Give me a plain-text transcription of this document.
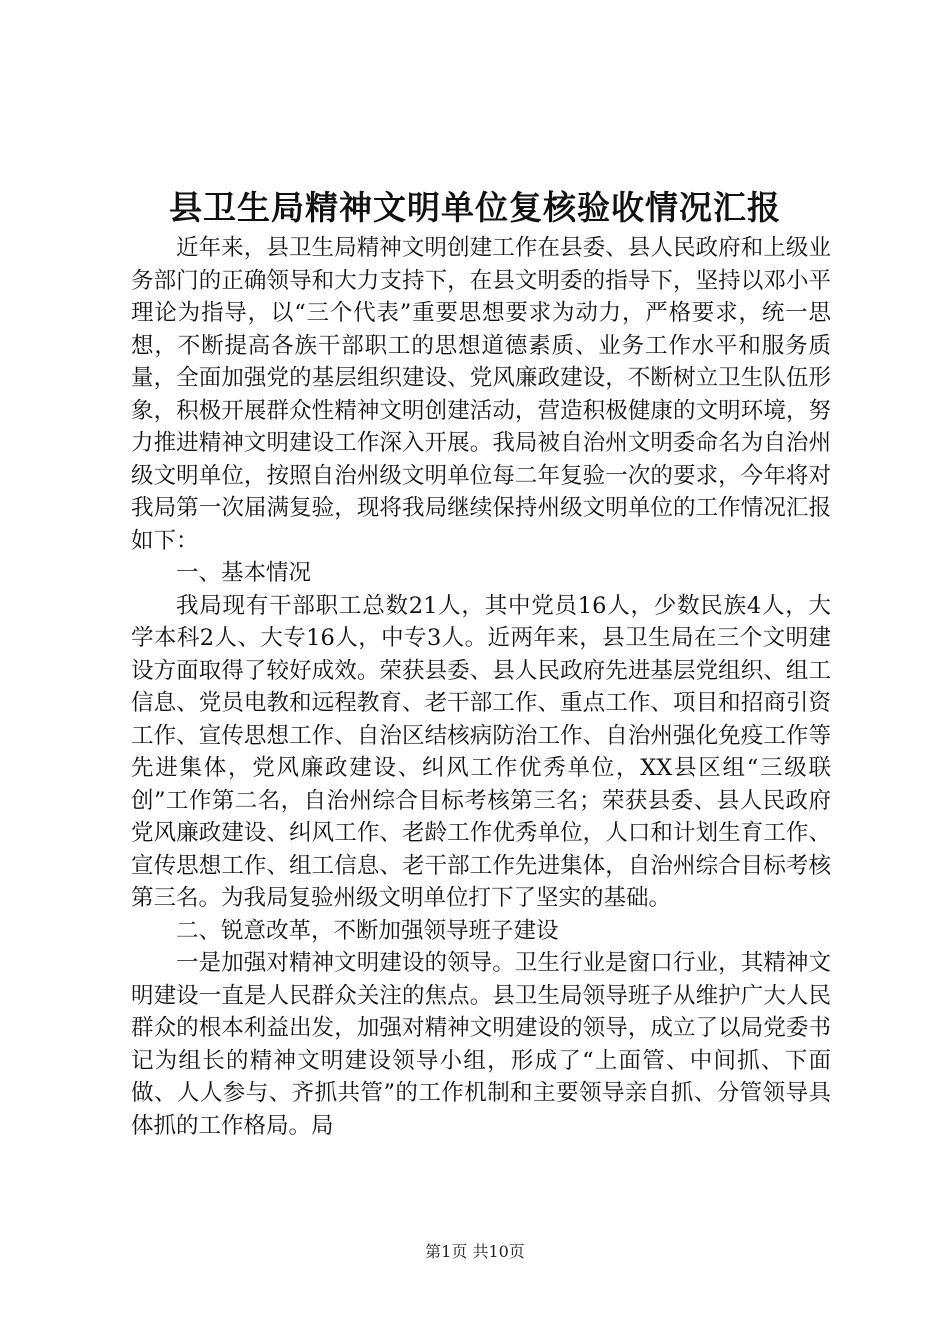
县卫生局精神文明单位复核验收情况汇报

近年来，县卫生局精神文明创建工作在县委、县人民政府和上级业务部门的正确领导和大力支持下，在县文明委的指导下，坚持以邓小平理论为指导，以“三个代表”重要思想要求为动力，严格要求，统一思想，不断提高各族干部职工的思想道德素质、业务工作水平和服务质量，全面加强党的基层组织建设、党风廉政建设，不断树立卫生队伍形象，积极开展群众性精神文明创建活动，营造积极健康的文明环境，努力推进精神文明建设工作深入开展。我局被自治州文明委命名为自治州级文明单位，按照自治州级文明单位每二年复验一次的要求，今年将对我局第一次届满复验，现将我局继续保持州级文明单位的工作情况汇报如下：

一、基本情况

我局现有干部职工总数21人，其中党员16人，少数民族4人，大学本科2人、大专16人，中专3人。近两年来，县卫生局在三个文明建设方面取得了较好成效。荣获县委、县人民政府先进基层党组织、组工信息、党员电教和远程教育、老干部工作、重点工作、项目和招商引资工作、宣传思想工作、自治区结核病防治工作、自治州强化免疫工作等先进集体，党风廉政建设、纠风工作优秀单位，XX县区组“三级联创”工作第二名，自治州综合目标考核第三名；荣获县委、县人民政府党风廉政建设、纠风工作、老龄工作优秀单位，人口和计划生育工作、宣传思想工作、组工信息、老干部工作先进集体，自治州综合目标考核第三名。为我局复验州级文明单位打下了坚实的基础。

二、锐意改革，不断加强领导班子建设

一是加强对精神文明建设的领导。卫生行业是窗口行业，其精神文明建设一直是人民群众关注的焦点。县卫生局领导班子从维护广大人民群众的根本利益出发，加强对精神文明建设的领导，成立了以局党委书记为组长的精神文明建设领导小组，形成了“上面管、中间抓、下面做、人人参与、齐抓共管”的工作机制和主要领导亲自抓、分管领导具体抓的工作格局。局

第1页 共10页
